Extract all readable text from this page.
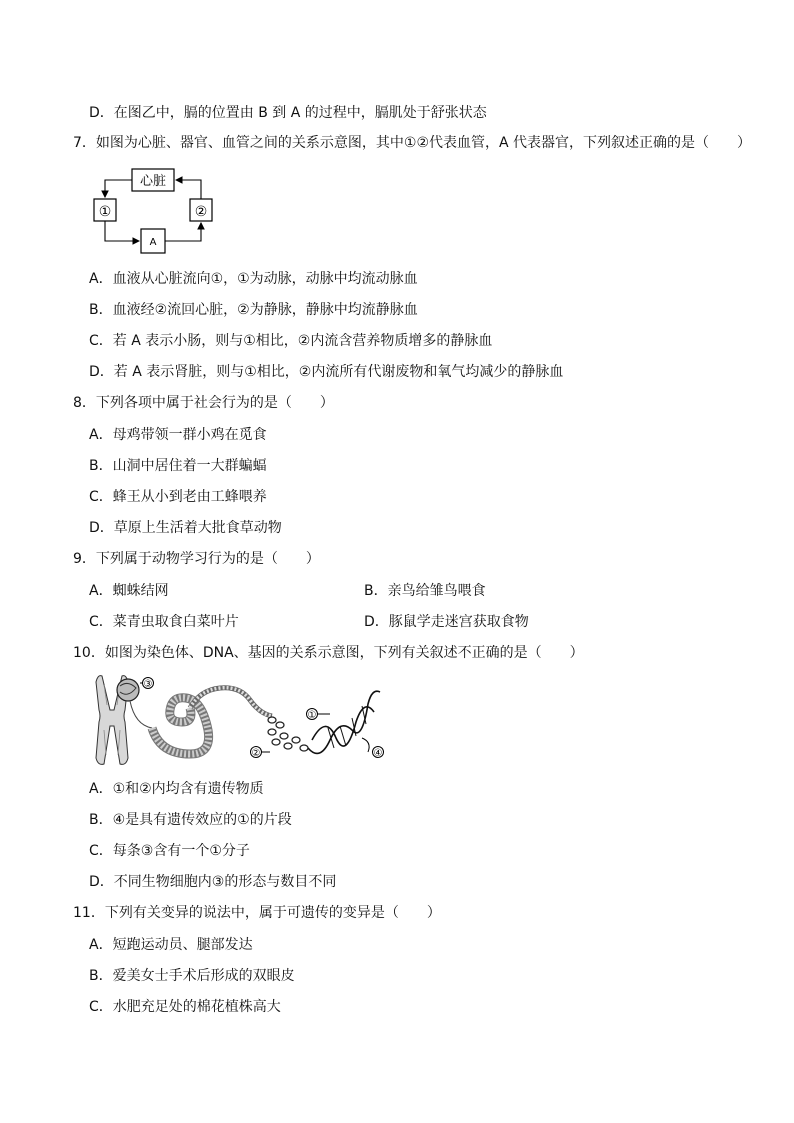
D．在图乙中，膈的位置由 B 到 A 的过程中，膈肌处于舒张状态
7．如图为心脏、器官、血管之间的关系示意图，其中①②代表血管，A 代表器官，下列叙述正确的是（　　）
心脏
①	②
A
A．血液从心脏流向①，①为动脉，动脉中均流动脉血
B．血液经②流回心脏，②为静脉，静脉中均流静脉血
C．若 A 表示小肠，则与①相比，②内流含营养物质增多的静脉血
D．若 A 表示肾脏，则与①相比，②内流所有代谢废物和氧气均减少的静脉血
8．下列各项中属于社会行为的是（　　）
A．母鸡带领一群小鸡在觅食
B．山洞中居住着一大群蝙蝠
C．蜂王从小到老由工蜂喂养
D．草原上生活着大批食草动物
9．下列属于动物学习行为的是（　　）
A．蜘蛛结网	B．亲鸟给雏鸟喂食
C．菜青虫取食白菜叶片	D．豚鼠学走迷宫获取食物
10．如图为染色体、DNA、基因的关系示意图，下列有关叙述不正确的是（　　）
③
②
①
④
A．①和②内均含有遗传物质
B．④是具有遗传效应的①的片段
C．每条③含有一个①分子
D．不同生物细胞内③的形态与数目不同
11．下列有关变异的说法中，属于可遗传的变异是（　　）
A．短跑运动员、腿部发达
B．爱美女士手术后形成的双眼皮
C．水肥充足处的棉花植株高大
